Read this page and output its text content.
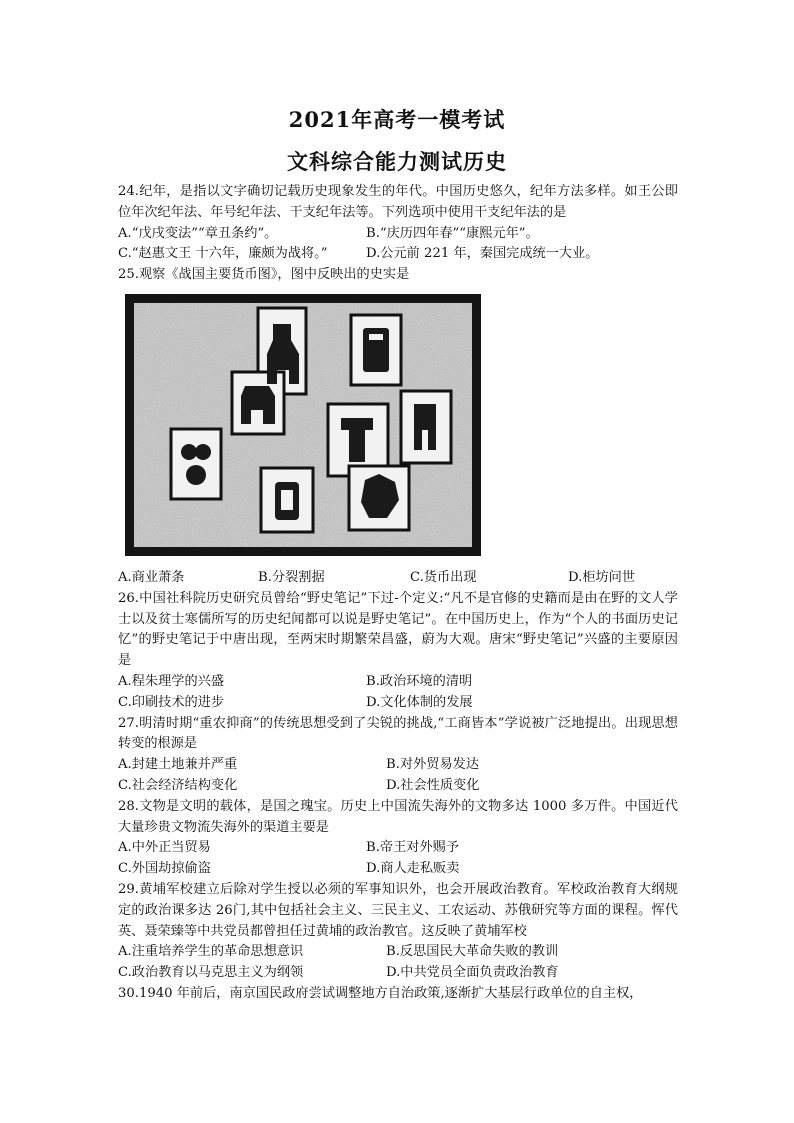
2021年高考一模考试
文科综合能力测试历史

24.纪年，是指以文字确切记载历史现象发生的年代。中国历史悠久，纪年方法多样。如王公即位年次纪年法、年号纪年法、干支纪年法等。下列选项中使用干支纪年法的是

A.“戊戌变法”“章丑条约”。	B.“庆历四年春”“康熙元年”。
C.“赵惠文王 十六年，廉颇为战将。”	D.公元前 221 年，秦国完成统一大业。

25.观察《战国主要货币图》，图中反映出的史实是

A.商业萧条	B.分裂割据	C.货币出现	D.柜坊问世

26.中国社科院历史研究员曾给“野史笔记”下过-个定义:“凡不是官修的史籍而是由在野的文人学士以及贫士寒儒所写的历史纪闻都可以说是野史笔记”。在中国历史上，作为“个人的书面历史记忆”的野史笔记于中唐出现，至两宋时期繁荣昌盛，蔚为大观。唐宋“野史笔记”兴盛的主要原因是

A.程朱理学的兴盛	B.政治环境的清明
C.印刷技术的进步	D.文化体制的发展

27.明清时期“重农抑商”的传统思想受到了尖锐的挑战,“工商皆本”学说被广泛地提出。出现思想转变的根源是

A.封建土地兼并严重	B.对外贸易发达
C.社会经济结构变化	D.社会性质变化

28.文物是文明的载体，是国之瑰宝。历史上中国流失海外的文物多达 1000 多万件。中国近代大量珍贵文物流失海外的渠道主要是

A.中外正当贸易	B.帝王对外赐予
C.外国劫掠偷盗	D.商人走私贩卖

29.黄埔军校建立后除对学生授以必须的军事知识外，也会开展政治教育。军校政治教育大纲规定的政治课多达 26门,其中包括社会主义、三民主义、工农运动、苏俄研究等方面的课程。恽代英、聂荣臻等中共党员都曾担任过黄埔的政治教官。这反映了黄埔军校

A.注重培养学生的革命思想意识	B.反思国民大革命失败的教训
C.政治教育以马克思主义为纲领	D.中共党员全面负责政治教育

30.1940 年前后，南京国民政府尝试调整地方自治政策,逐渐扩大基层行政单位的自主权，
